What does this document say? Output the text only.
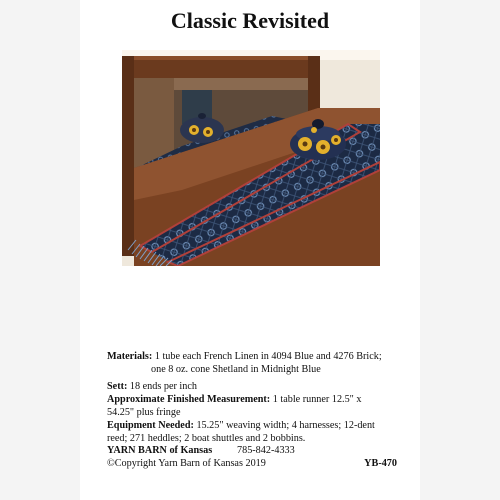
Classic Revisited

Materials: 1 tube each French Linen in 4094 Blue and 4276 Brick;

one 8 oz. cone Shetland in Midnight Blue

Sett: 18 ends per inch

Approximate Finished Measurement: 1 table runner 12.5" x

54.25" plus fringe

Equipment Needed: 15.25" weaving width; 4 harnesses; 12-dent

reed; 271 heddles; 2 boat shuttles and 2 bobbins.

YARN BARN of Kansas 785-842-4333
©Copyright Yarn Barn of Kansas 2019	YB-470
